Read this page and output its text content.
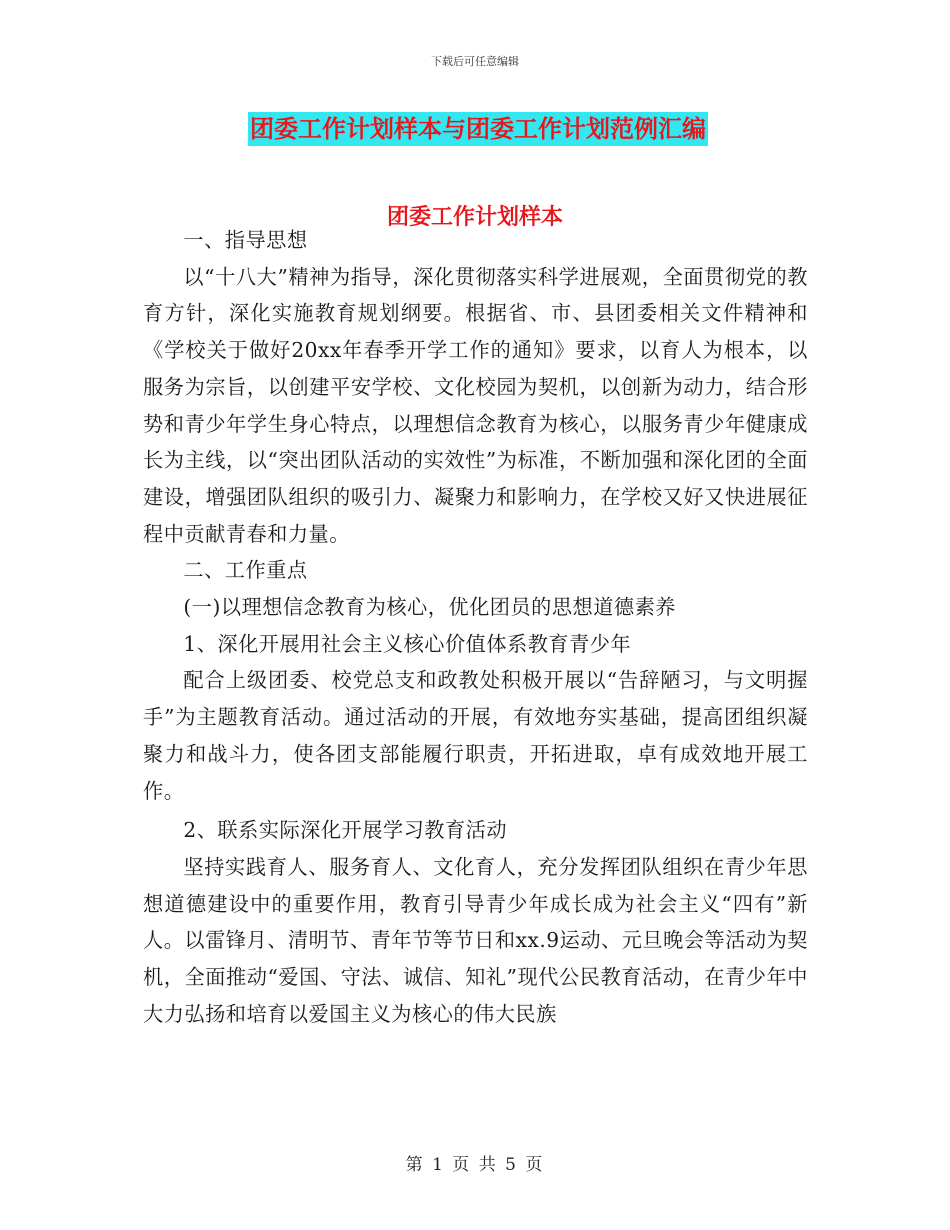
下载后可任意编辑
团委工作计划样本与团委工作计划范例汇编
团委工作计划样本

一、指导思想

以“十八大”精神为指导，深化贯彻落实科学进展观，全面贯彻党的教育方针，深化实施教育规划纲要。根据省、市、县团委相关文件精神和《学校关于做好20xx年春季开学工作的通知》要求，以育人为根本，以服务为宗旨，以创建平安学校、文化校园为契机，以创新为动力，结合形势和青少年学生身心特点，以理想信念教育为核心，以服务青少年健康成长为主线，以“突出团队活动的实效性”为标准，不断加强和深化团的全面建设，增强团队组织的吸引力、凝聚力和影响力，在学校又好又快进展征程中贡献青春和力量。

二、工作重点

(一)以理想信念教育为核心，优化团员的思想道德素养

1、深化开展用社会主义核心价值体系教育青少年

配合上级团委、校党总支和政教处积极开展以“告辞陋习，与文明握手”为主题教育活动。通过活动的开展，有效地夯实基础，提高团组织凝聚力和战斗力，使各团支部能履行职责，开拓进取，卓有成效地开展工作。

2、联系实际深化开展学习教育活动

坚持实践育人、服务育人、文化育人，充分发挥团队组织在青少年思想道德建设中的重要作用，教育引导青少年成长成为社会主义“四有”新人。以雷锋月、清明节、青年节等节日和xx.9运动、元旦晚会等活动为契机，全面推动“爱国、守法、诚信、知礼”现代公民教育活动，在青少年中大力弘扬和培育以爱国主义为核心的伟大民族

第 1 页 共 5 页
